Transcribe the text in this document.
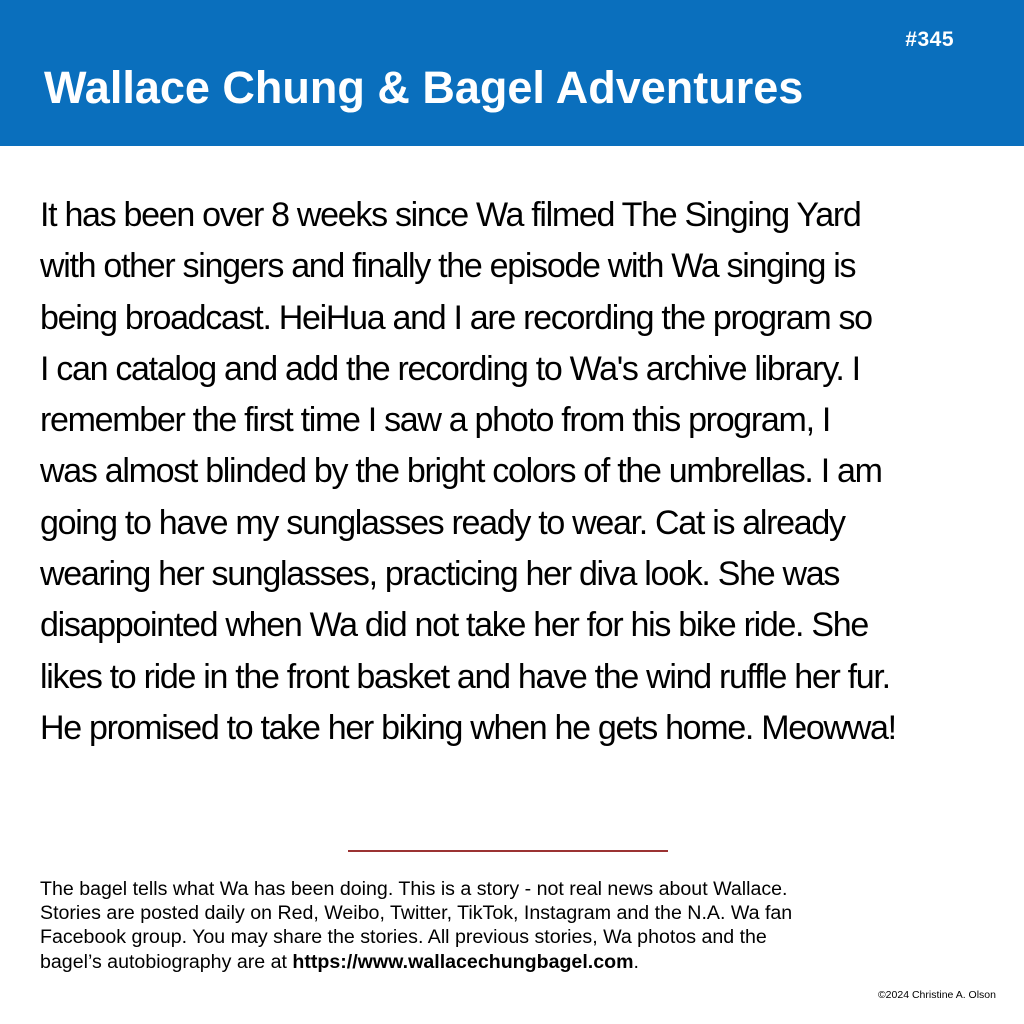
#345
Wallace Chung & Bagel Adventures

It has been over 8 weeks since Wa filmed The Singing Yard
with other singers and finally the episode with Wa singing is
being broadcast. HeiHua and I are recording the program so
I can catalog and add the recording to Wa's archive library. I
remember the first time I saw a photo from this program, I
was almost blinded by the bright colors of the umbrellas. I am
going to have my sunglasses ready to wear. Cat is already
wearing her sunglasses, practicing her diva look. She was
disappointed when Wa did not take her for his bike ride. She
likes to ride in the front basket and have the wind ruffle her fur.
He promised to take her biking when he gets home. Meowwa!

The bagel tells what Wa has been doing. This is a story - not real news about Wallace.
Stories are posted daily on Red, Weibo, Twitter, TikTok, Instagram and the N.A. Wa fan
Facebook group. You may share the stories. All previous stories, Wa photos and the
bagel’s autobiography are at https://www.wallacechungbagel.com.
©2024 Christine A. Olson
